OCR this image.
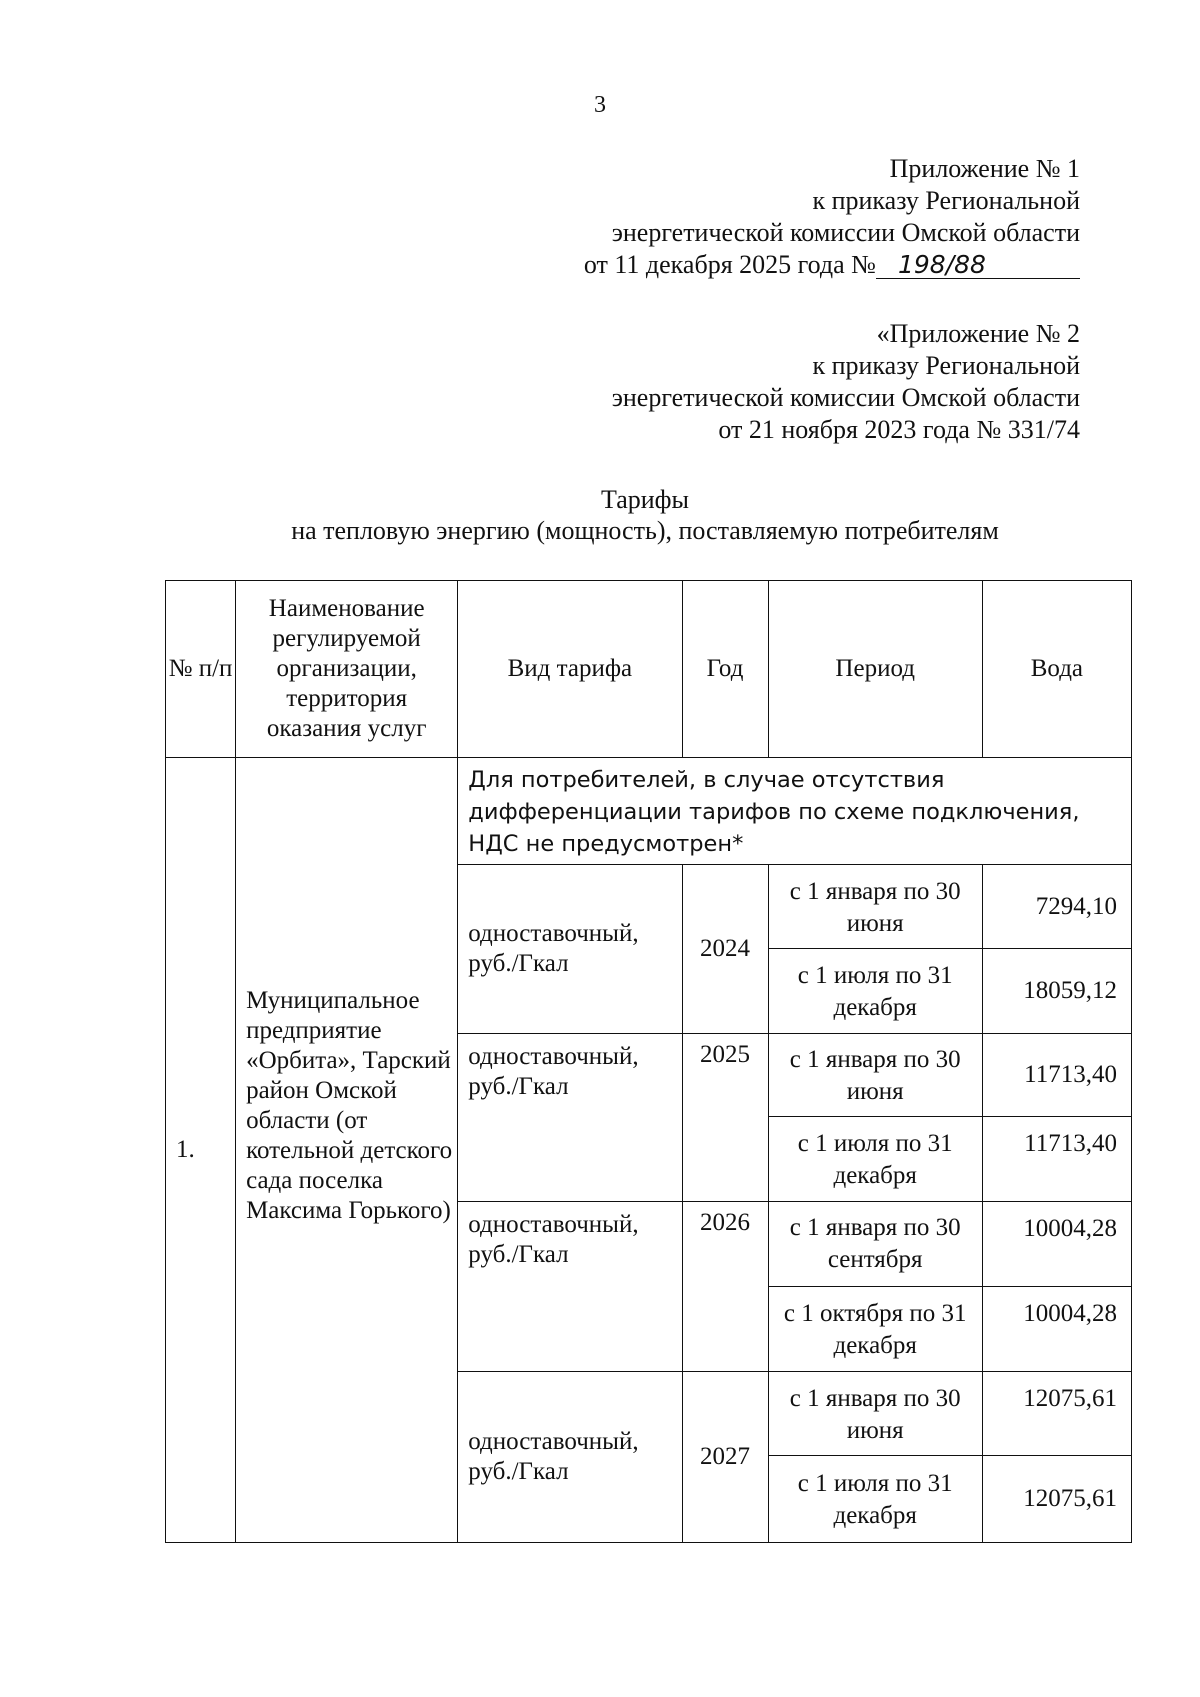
3
Приложение № 1
к приказу Региональной
энергетической комиссии Омской области
от 11 декабря 2025 года № 198/88
«Приложение № 2
к приказу Региональной
энергетической комиссии Омской области
от 21 ноября 2023 года № 331/74
Тарифы
на тепловую энергию (мощность), поставляемую потребителям
№ п/п	Наименование регулируемой организации, территория оказания услуг	Вид тарифа	Год	Период	Вода
1.	Муниципальное предприятие «Орбита», Тарский район Омской области (от котельной детского сада поселка Максима Горького)	Для потребителей, в случае отсутствия дифференциации тарифов по схеме подключения, НДС не предусмотрен*			
		одноставочный, руб./Гкал	2024	с 1 января по 30 июня	7294,10
				с 1 июля по 31 декабря	18059,12
		одноставочный, руб./Гкал	2025	с 1 января по 30 июня	11713,40
				с 1 июля по 31 декабря	11713,40
		одноставочный, руб./Гкал	2026	с 1 января по 30 сентября	10004,28
				с 1 октября по 31 декабря	10004,28
		одноставочный, руб./Гкал	2027	с 1 января по 30 июня	12075,61
				с 1 июля по 31 декабря	12075,61
